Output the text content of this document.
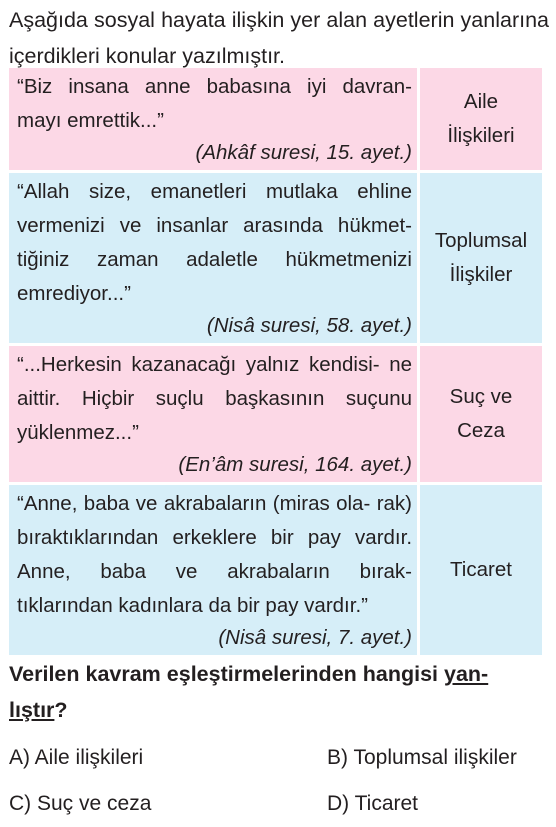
Aşağıda sosyal hayata ilişkin yer alan ayetlerin yanlarına içerdikleri konular yazılmıştır.
“Biz insana anne babasına iyi davran-
mayı emrettik...”
(Ahkâf suresi, 15. ayet.)
Aile
İlişkileri
“Allah size, emanetleri mutlaka ehline vermenizi ve insanlar arasında hükmet- tiğiniz zaman adaletle hükmetmenizi
emrediyor...”
(Nisâ suresi, 58. ayet.)
Toplumsal
İlişkiler
“...Herkesin kazanacağı yalnız kendisi- ne aittir. Hiçbir suçlu başkasının suçunu
yüklenmez...”
(En’âm suresi, 164. ayet.)
Suç ve
Ceza
“Anne, baba ve akrabaların (miras ola- rak) bıraktıklarından erkeklere bir pay vardır. Anne, baba ve akrabaların bırak-
tıklarından kadınlara da bir pay vardır.”
(Nisâ suresi, 7. ayet.)
Ticaret
Verilen kavram eşleştirmelerinden hangisi yan-
lıştır?
A) Aile ilişkileri	B) Toplumsal ilişkiler
C) Suç ve ceza	D) Ticaret
